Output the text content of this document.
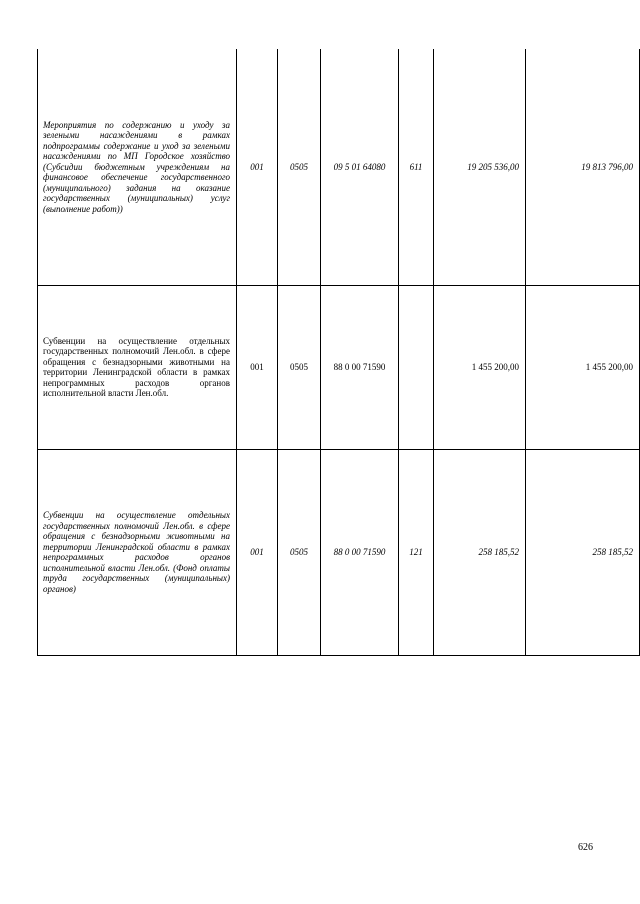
Мероприятия по содержанию и уходу за зелеными насаждениями в рамках подпрограммы содержание и уход за зелеными насаждениями по МП Городское хозяйство (Субсидии бюджетным учреждениям на финансовое обеспечение государственного (муниципального) задания на оказание государственных (муниципальных) услуг (выполнение работ))	001	0505	09 5 01 64080	611	19 205 536,00	19 813 796,00
Субвенции на осуществление отдельных государственных полномочий Лен.обл. в сфере обращения с безнадзорными животными на территории Ленинградской области в рамках непрограммных расходов органов исполнительной власти Лен.обл.	001	0505	88 0 00 71590		1 455 200,00	1 455 200,00
Субвенции на осуществление отдельных государственных полномочий Лен.обл. в сфере обращения с безнадзорными животными на территории Ленинградской области в рамках непрограммных расходов органов исполнительной власти Лен.обл. (Фонд оплаты труда государственных (муниципальных) органов)	001	0505	88 0 00 71590	121	258 185,52	258 185,52
626
